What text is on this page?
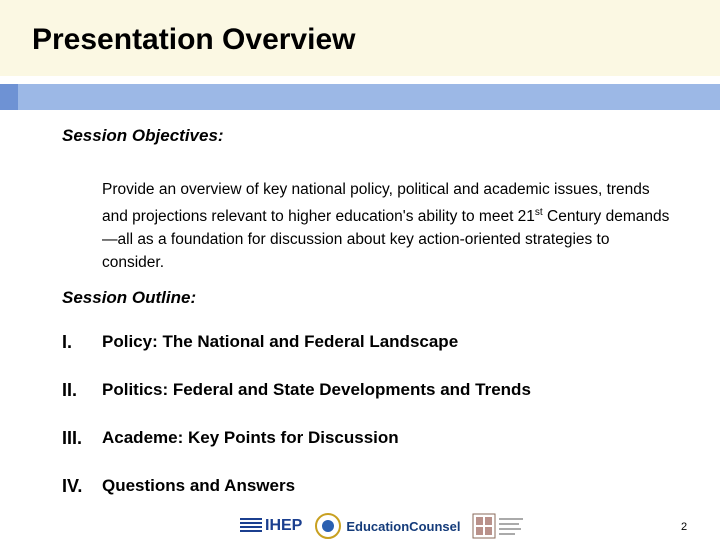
Presentation Overview

Session Objectives:

Provide an overview of key national policy, political and academic issues, trends and projections relevant to higher education's ability to meet 21st Century demands—all as a foundation for discussion about key action-oriented strategies to consider.

Session Outline:

I.	Policy: The National and Federal Landscape
II.	Politics: Federal and State Developments and Trends
III.	Academe: Key Points for Discussion
IV.	Questions and Answers
IHEP	EducationCounsel	2
